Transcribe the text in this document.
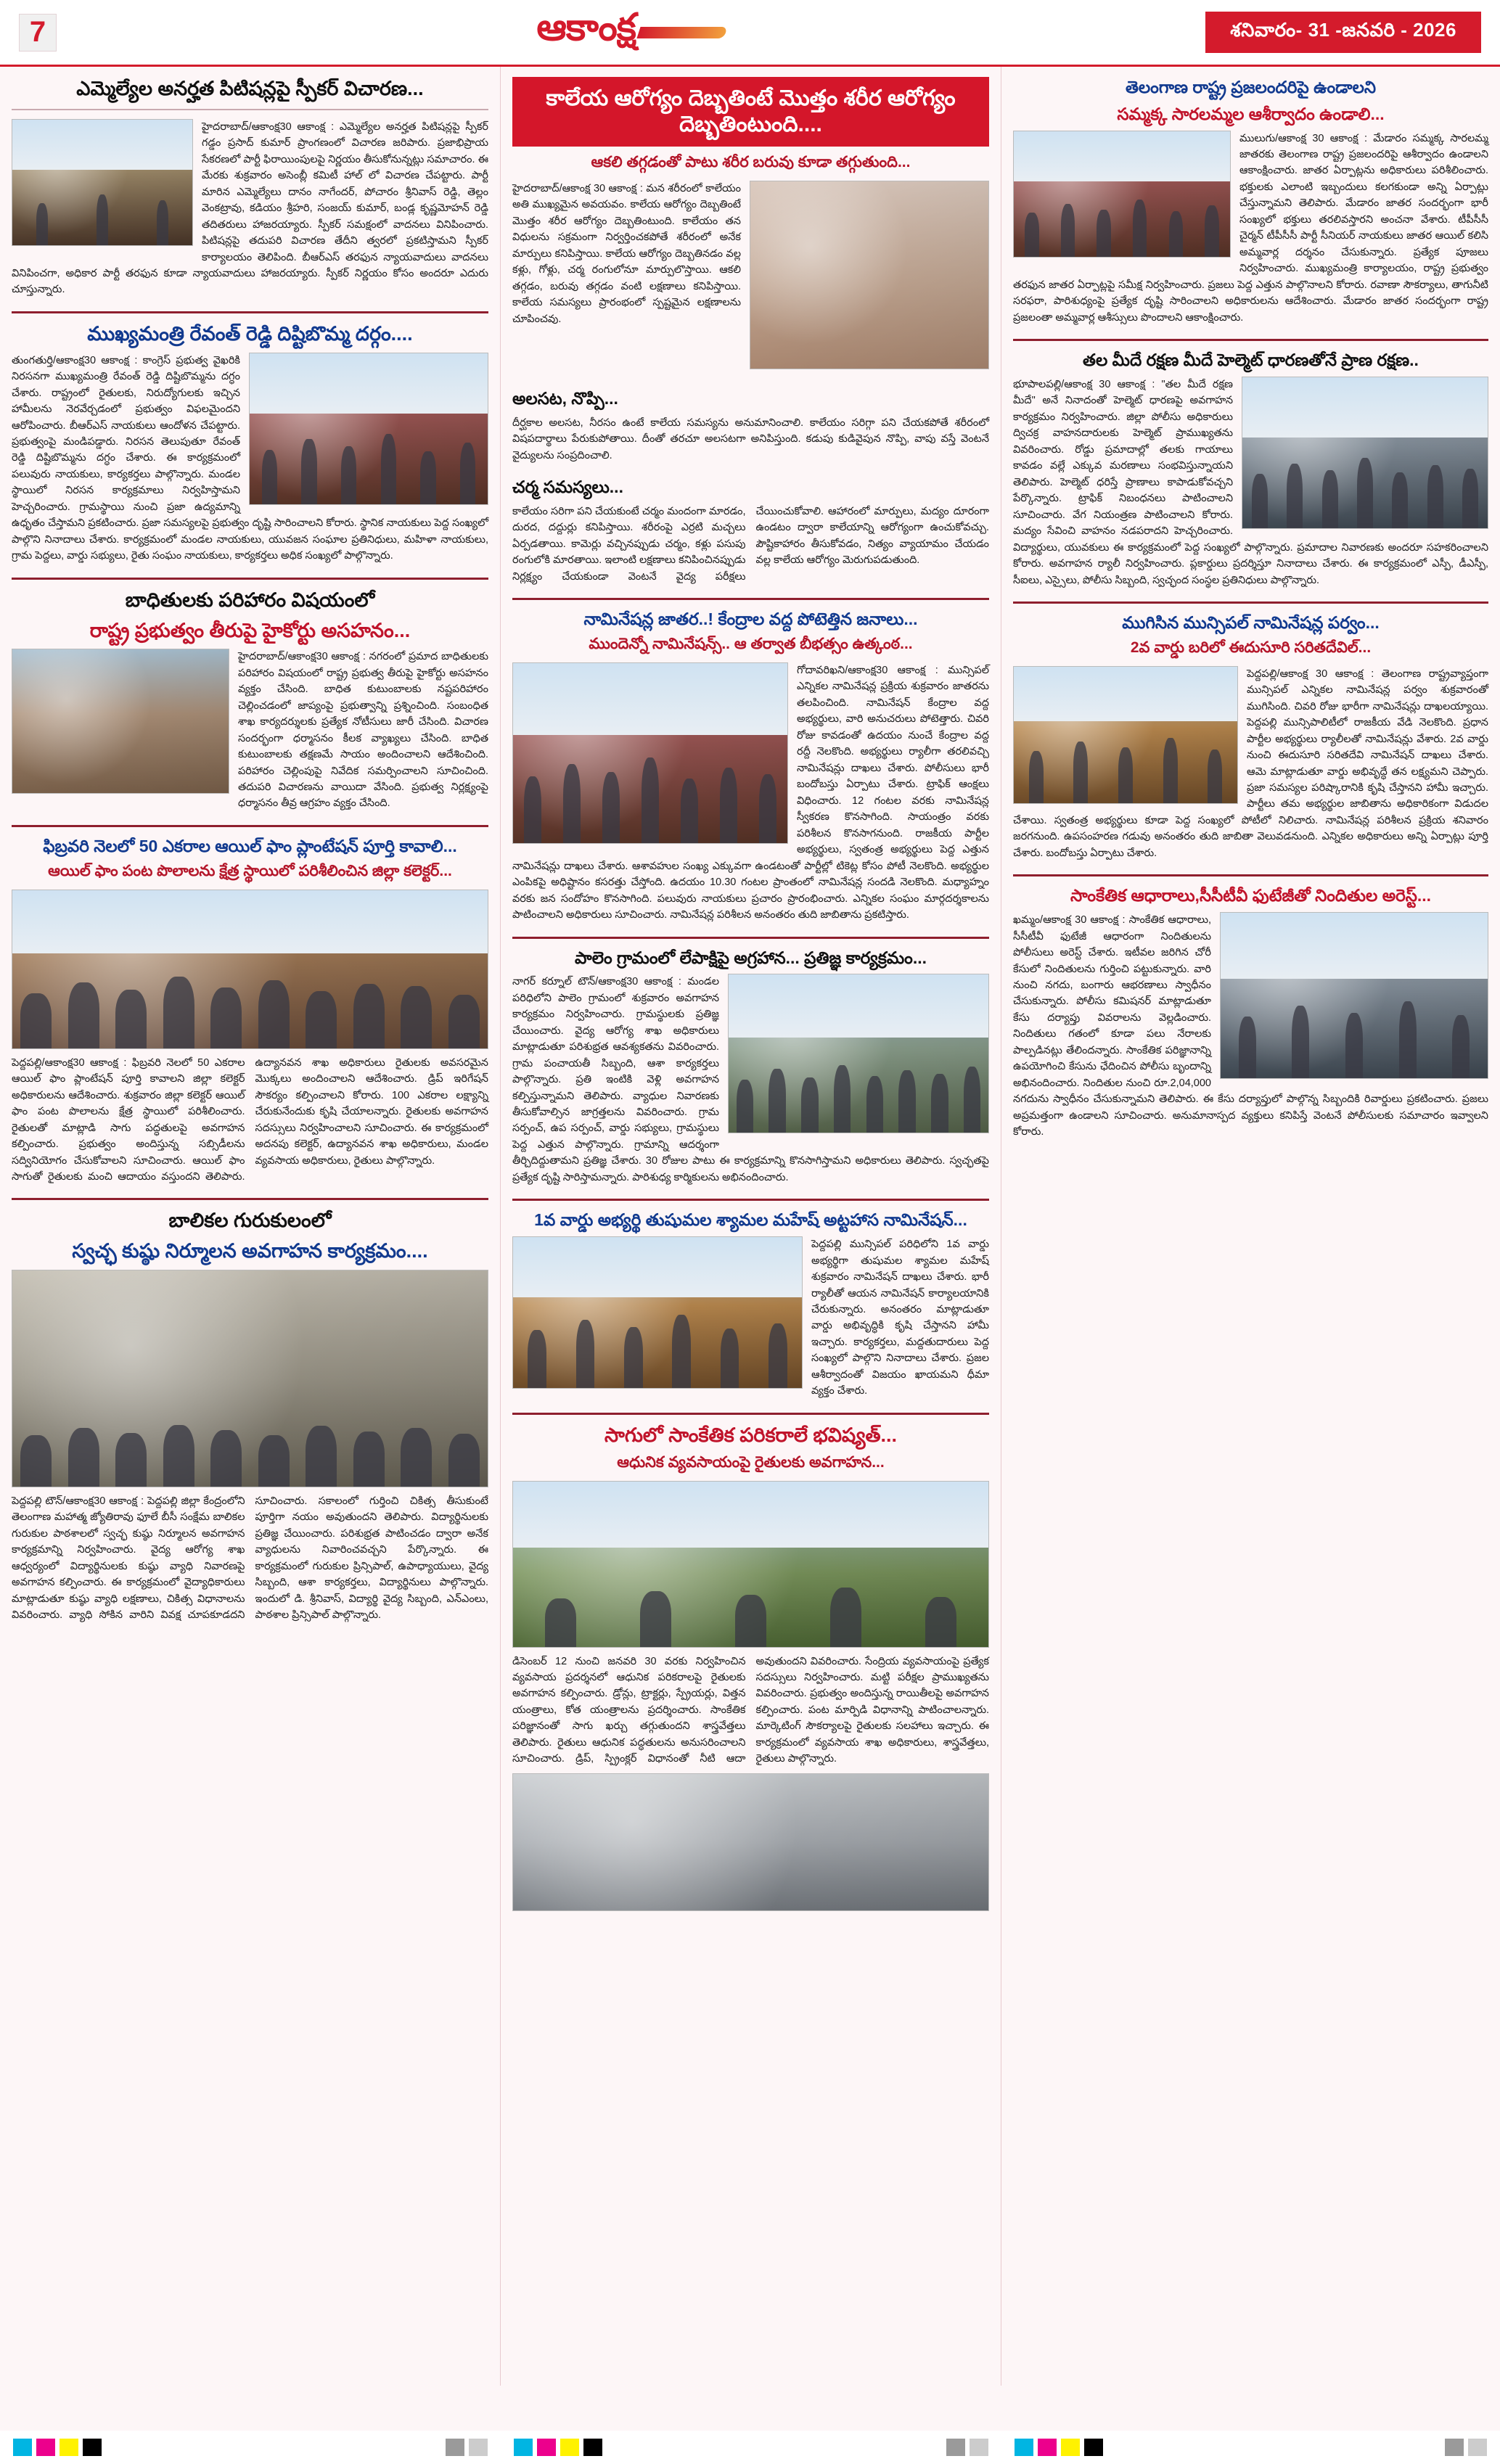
7	ఆకాంక్ష	శనివారం- 31 -జనవరి - 2026
ఎమ్మెల్యేల అనర్హత పిటిషన్లపై స్పీకర్ విచారణ...
హైదరాబాద్/ఆకాంక్ష30 ఆకాంక్ష : ఎమ్మెల్యేల అనర్హత పిటిషన్లపై స్పీకర్ గడ్డం ప్రసాద్ కుమార్ ప్రాంగణంలో విచారణ జరిపారు. ప్రజాభిప్రాయ సేకరణలో పార్టీ ఫిరాయింపులపై నిర్ణయం తీసుకోనున్నట్లు సమాచారం. ఈ మేరకు శుక్రవారం అసెంబ్లీ కమిటీ హాల్ లో విచారణ చేపట్టారు. పార్టీ మారిన ఎమ్మెల్యేలు దానం నాగేందర్, పోచారం శ్రీనివాస్ రెడ్డి, తెల్లం వెంకట్రావు, కడియం శ్రీహరి, సంజయ్ కుమార్, బండ్ల కృష్ణమోహన్ రెడ్డి తదితరులు హాజరయ్యారు. స్పీకర్ సమక్షంలో వాదనలు వినిపించారు. పిటిషన్లపై తదుపరి విచారణ తేదీని త్వరలో ప్రకటిస్తామని స్పీకర్ కార్యాలయం తెలిపింది. బీఆర్ఎస్ తరఫున న్యాయవాదులు వాదనలు వినిపించగా, అధికార పార్టీ తరఫున కూడా న్యాయవాదులు హాజరయ్యారు. స్పీకర్ నిర్ణయం కోసం అందరూ ఎదురు చూస్తున్నారు.
ముఖ్యమంత్రి రేవంత్ రెడ్డి దిష్టిబొమ్మ దర్గం....
తుంగతుర్తి/ఆకాంక్ష30 ఆకాంక్ష : కాంగ్రెస్ ప్రభుత్వ వైఖరికి నిరసనగా ముఖ్యమంత్రి రేవంత్ రెడ్డి దిష్టిబొమ్మను దగ్ధం చేశారు. రాష్ట్రంలో రైతులకు, నిరుద్యోగులకు ఇచ్చిన హామీలను నెరవేర్చడంలో ప్రభుత్వం విఫలమైందని ఆరోపించారు. బీఆర్ఎస్ నాయకులు ఆందోళన చేపట్టారు. ప్రభుత్వంపై మండిపడ్డారు. నిరసన తెలుపుతూ రేవంత్ రెడ్డి దిష్టిబొమ్మను దగ్ధం చేశారు. ఈ కార్యక్రమంలో పలువురు నాయకులు, కార్యకర్తలు పాల్గొన్నారు. మండల స్థాయిలో నిరసన కార్యక్రమాలు నిర్వహిస్తామని హెచ్చరించారు. గ్రామస్థాయి నుంచి ప్రజా ఉద్యమాన్ని ఉధృతం చేస్తామని ప్రకటించారు. ప్రజా సమస్యలపై ప్రభుత్వం దృష్టి సారించాలని కోరారు. స్థానిక నాయకులు పెద్ద సంఖ్యలో పాల్గొని నినాదాలు చేశారు. కార్యక్రమంలో మండల నాయకులు, యువజన సంఘాల ప్రతినిధులు, మహిళా నాయకులు, గ్రామ పెద్దలు, వార్డు సభ్యులు, రైతు సంఘం నాయకులు, కార్యకర్తలు అధిక సంఖ్యలో పాల్గొన్నారు.
బాధితులకు పరిహారం విషయంలో
రాష్ట్ర ప్రభుత్వం తీరుపై హైకోర్టు అసహనం...
హైదరాబాద్/ఆకాంక్ష30 ఆకాంక్ష : నగరంలో ప్రమాద బాధితులకు పరిహారం విషయంలో రాష్ట్ర ప్రభుత్వ తీరుపై హైకోర్టు అసహనం వ్యక్తం చేసింది. బాధిత కుటుంబాలకు నష్టపరిహారం చెల్లించడంలో జాప్యంపై ప్రభుత్వాన్ని ప్రశ్నించింది. సంబంధిత శాఖ కార్యదర్శులకు ప్రత్యేక నోటీసులు జారీ చేసింది. విచారణ సందర్భంగా ధర్మాసనం కీలక వ్యాఖ్యలు చేసింది. బాధిత కుటుంబాలకు తక్షణమే సాయం అందించాలని ఆదేశించింది. పరిహారం చెల్లింపుపై నివేదిక సమర్పించాలని సూచించింది. తదుపరి విచారణను వాయిదా వేసింది. ప్రభుత్వ నిర్లక్ష్యంపై ధర్మాసనం తీవ్ర ఆగ్రహం వ్యక్తం చేసింది.
ఫిబ్రవరి నెలలో 50 ఎకరాల ఆయిల్ ఫాం ప్లాంటేషన్ పూర్తి కావాలి...
ఆయిల్ ఫాం పంట పొలాలను క్షేత్ర స్థాయిలో పరిశీలించిన జిల్లా కలెక్టర్...
పెద్దపల్లి/ఆకాంక్ష30 ఆకాంక్ష : ఫిబ్రవరి నెలలో 50 ఎకరాల ఆయిల్ ఫాం ప్లాంటేషన్ పూర్తి కావాలని జిల్లా కలెక్టర్ అధికారులను ఆదేశించారు. శుక్రవారం జిల్లా కలెక్టర్ ఆయిల్ ఫాం పంట పొలాలను క్షేత్ర స్థాయిలో పరిశీలించారు. రైతులతో మాట్లాడి సాగు పద్ధతులపై అవగాహన కల్పించారు. ప్రభుత్వం అందిస్తున్న సబ్సిడీలను సద్వినియోగం చేసుకోవాలని సూచించారు. ఆయిల్ ఫాం సాగుతో రైతులకు మంచి ఆదాయం వస్తుందని తెలిపారు. ఉద్యానవన శాఖ అధికారులు రైతులకు అవసరమైన మొక్కలు అందించాలని ఆదేశించారు. డ్రిప్ ఇరిగేషన్ సౌకర్యం కల్పించాలని కోరారు. 100 ఎకరాల లక్ష్యాన్ని చేరుకునేందుకు కృషి చేయాలన్నారు. రైతులకు అవగాహన సదస్సులు నిర్వహించాలని సూచించారు. ఈ కార్యక్రమంలో అదనపు కలెక్టర్, ఉద్యానవన శాఖ అధికారులు, మండల వ్యవసాయ అధికారులు, రైతులు పాల్గొన్నారు.
బాలికల గురుకులంలో
స్వచ్ఛ కుష్ఠు నిర్మూలన అవగాహన కార్యక్రమం....
పెద్దపల్లి టౌన్/ఆకాంక్ష30 ఆకాంక్ష : పెద్దపల్లి జిల్లా కేంద్రంలోని తెలంగాణ మహాత్మ జ్యోతిరావు ఫూలే బీసీ సంక్షేమ బాలికల గురుకుల పాఠశాలలో స్వచ్ఛ కుష్ఠు నిర్మూలన అవగాహన కార్యక్రమాన్ని నిర్వహించారు. వైద్య ఆరోగ్య శాఖ ఆధ్వర్యంలో విద్యార్థినులకు కుష్ఠు వ్యాధి నివారణపై అవగాహన కల్పించారు. ఈ కార్యక్రమంలో వైద్యాధికారులు మాట్లాడుతూ కుష్ఠు వ్యాధి లక్షణాలు, చికిత్స విధానాలను వివరించారు. వ్యాధి సోకిన వారిని వివక్ష చూపకూడదని సూచించారు. సకాలంలో గుర్తించి చికిత్స తీసుకుంటే పూర్తిగా నయం అవుతుందని తెలిపారు. విద్యార్థినులకు ప్రతిజ్ఞ చేయించారు. పరిశుభ్రత పాటించడం ద్వారా అనేక వ్యాధులను నివారించవచ్చని పేర్కొన్నారు. ఈ కార్యక్రమంలో గురుకుల ప్రిన్సిపాల్, ఉపాధ్యాయులు, వైద్య సిబ్బంది, ఆశా కార్యకర్తలు, విద్యార్థినులు పాల్గొన్నారు. ఇందులో డి. శ్రీనివాస్, విద్యార్థి వైద్య సిబ్బంది, ఎన్ఎంలు, పాఠశాల ప్రిన్సిపాల్ పాల్గొన్నారు.
కాలేయ ఆరోగ్యం దెబ్బతింటే మొత్తం శరీర ఆరోగ్యం దెబ్బతింటుంది....
ఆకలి తగ్గడంతో పాటు శరీర బరువు కూడా తగ్గుతుంది...
హైదరాబాద్/ఆకాంక్ష 30 ఆకాంక్ష : మన శరీరంలో కాలేయం అతి ముఖ్యమైన అవయవం. కాలేయ ఆరోగ్యం దెబ్బతింటే మొత్తం శరీర ఆరోగ్యం దెబ్బతింటుంది. కాలేయం తన విధులను సక్రమంగా నిర్వర్తించకపోతే శరీరంలో అనేక మార్పులు కనిపిస్తాయి. కాలేయ ఆరోగ్యం దెబ్బతినడం వల్ల కళ్లు, గోళ్లు, చర్మ రంగులోనూ మార్పులొస్తాయి. ఆకలి తగ్గడం, బరువు తగ్గడం వంటి లక్షణాలు కనిపిస్తాయి. కాలేయ సమస్యలు ప్రారంభంలో స్పష్టమైన లక్షణాలను చూపించవు.
అలసట, నొప్పి...
దీర్ఘకాల అలసట, నీరసం ఉంటే కాలేయ సమస్యను అనుమానించాలి. కాలేయం సరిగ్గా పని చేయకపోతే శరీరంలో విషపదార్థాలు పేరుకుపోతాయి. దీంతో తరచూ అలసటగా అనిపిస్తుంది. కడుపు కుడివైపున నొప్పి, వాపు వస్తే వెంటనే వైద్యులను సంప్రదించాలి.
చర్మ సమస్యలు...
కాలేయం సరిగా పని చేయకుంటే చర్మం మందంగా మారడం, దురద, దద్దుర్లు కనిపిస్తాయి. శరీరంపై ఎర్రటి మచ్చలు ఏర్పడతాయి. కామెర్లు వచ్చినప్పుడు చర్మం, కళ్లు పసుపు రంగులోకి మారతాయి. ఇలాంటి లక్షణాలు కనిపించినప్పుడు నిర్లక్ష్యం చేయకుండా వెంటనే వైద్య పరీక్షలు చేయించుకోవాలి. ఆహారంలో మార్పులు, మద్యం దూరంగా ఉండటం ద్వారా కాలేయాన్ని ఆరోగ్యంగా ఉంచుకోవచ్చు. పౌష్టికాహారం తీసుకోవడం, నిత్యం వ్యాయామం చేయడం వల్ల కాలేయ ఆరోగ్యం మెరుగుపడుతుంది.
నామినేషన్ల జాతర..! కేంద్రాల వద్ద పోటెత్తిన జనాలు...
ముందెన్నో నామినేషన్స్.. ఆ తర్వాత బీభత్సం ఉత్కంఠ...
గోదావరిఖని/ఆకాంక్ష30 ఆకాంక్ష : మున్సిపల్ ఎన్నికల నామినేషన్ల ప్రక్రియ శుక్రవారం జాతరను తలపించింది. నామినేషన్ కేంద్రాల వద్ద అభ్యర్థులు, వారి అనుచరులు పోటెత్తారు. చివరి రోజు కావడంతో ఉదయం నుంచే కేంద్రాల వద్ద రద్దీ నెలకొంది. అభ్యర్థులు ర్యాలీగా తరలివచ్చి నామినేషన్లు దాఖలు చేశారు. పోలీసులు భారీ బందోబస్తు ఏర్పాటు చేశారు. ట్రాఫిక్ ఆంక్షలు విధించారు. 12 గంటల వరకు నామినేషన్ల స్వీకరణ కొనసాగింది. సాయంత్రం వరకు పరిశీలన కొనసాగనుంది. రాజకీయ పార్టీల అభ్యర్థులు, స్వతంత్ర అభ్యర్థులు పెద్ద ఎత్తున నామినేషన్లు దాఖలు చేశారు. ఆశావహుల సంఖ్య ఎక్కువగా ఉండటంతో పార్టీల్లో టికెట్ల కోసం పోటీ నెలకొంది. అభ్యర్థుల ఎంపికపై అధిష్టానం కసరత్తు చేస్తోంది. ఉదయం 10.30 గంటల ప్రాంతంలో నామినేషన్ల సందడి నెలకొంది. మధ్యాహ్నం వరకు జన సందోహం కొనసాగింది. పలువురు నాయకులు ప్రచారం ప్రారంభించారు. ఎన్నికల సంఘం మార్గదర్శకాలను పాటించాలని అధికారులు సూచించారు. నామినేషన్ల పరిశీలన అనంతరం తుది జాబితాను ప్రకటిస్తారు.
పాలెం గ్రామంలో లేపాక్షిపై అగ్రహాన... ప్రతిజ్ఞ కార్యక్రమం...
నాగర్ కర్నూల్ టౌన్/ఆకాంక్ష30 ఆకాంక్ష : మండల పరిధిలోని పాలెం గ్రామంలో శుక్రవారం అవగాహన కార్యక్రమం నిర్వహించారు. గ్రామస్థులకు ప్రతిజ్ఞ చేయించారు. వైద్య ఆరోగ్య శాఖ అధికారులు మాట్లాడుతూ పరిశుభ్రత ఆవశ్యకతను వివరించారు. గ్రామ పంచాయతీ సిబ్బంది, ఆశా కార్యకర్తలు పాల్గొన్నారు. ప్రతి ఇంటికి వెళ్లి అవగాహన కల్పిస్తున్నామని తెలిపారు. వ్యాధుల నివారణకు తీసుకోవాల్సిన జాగ్రత్తలను వివరించారు. గ్రామ సర్పంచ్, ఉప సర్పంచ్, వార్డు సభ్యులు, గ్రామస్థులు పెద్ద ఎత్తున పాల్గొన్నారు. గ్రామాన్ని ఆదర్శంగా తీర్చిదిద్దుతామని ప్రతిజ్ఞ చేశారు. 30 రోజుల పాటు ఈ కార్యక్రమాన్ని కొనసాగిస్తామని అధికారులు తెలిపారు. స్వచ్ఛతపై ప్రత్యేక దృష్టి సారిస్తామన్నారు. పారిశుధ్య కార్మికులను అభినందించారు.
1వ వార్డు అభ్యర్థి తుషుమల శ్యామల మహేష్ అట్టహాస నామినేషన్...
పెద్దపల్లి మున్సిపల్ పరిధిలోని 1వ వార్డు అభ్యర్థిగా తుషుమల శ్యామల మహేష్ శుక్రవారం నామినేషన్ దాఖలు చేశారు. భారీ ర్యాలీతో ఆయన నామినేషన్ కార్యాలయానికి చేరుకున్నారు. అనంతరం మాట్లాడుతూ వార్డు అభివృద్ధికి కృషి చేస్తానని హామీ ఇచ్చారు. కార్యకర్తలు, మద్దతుదారులు పెద్ద సంఖ్యలో పాల్గొని నినాదాలు చేశారు. ప్రజల ఆశీర్వాదంతో విజయం ఖాయమని ధీమా వ్యక్తం చేశారు.
సాగులో సాంకేతిక పరికరాలే భవిష్యత్...
ఆధునిక వ్యవసాయంపై రైతులకు అవగాహన...
డిసెంబర్ 12 నుంచి జనవరి 30 వరకు నిర్వహించిన వ్యవసాయ ప్రదర్శనలో ఆధునిక పరికరాలపై రైతులకు అవగాహన కల్పించారు. డ్రోన్లు, ట్రాక్టర్లు, స్ప్రేయర్లు, విత్తన యంత్రాలు, కోత యంత్రాలను ప్రదర్శించారు. సాంకేతిక పరిజ్ఞానంతో సాగు ఖర్చు తగ్గుతుందని శాస్త్రవేత్తలు తెలిపారు. రైతులు ఆధునిక పద్ధతులను అనుసరించాలని సూచించారు. డ్రిప్, స్ప్రింక్లర్ విధానంతో నీటి ఆదా అవుతుందని వివరించారు. సేంద్రియ వ్యవసాయంపై ప్రత్యేక సదస్సులు నిర్వహించారు. మట్టి పరీక్షల ప్రాముఖ్యతను వివరించారు. ప్రభుత్వం అందిస్తున్న రాయితీలపై అవగాహన కల్పించారు. పంట మార్పిడి విధానాన్ని పాటించాలన్నారు. మార్కెటింగ్ సౌకర్యాలపై రైతులకు సలహాలు ఇచ్చారు. ఈ కార్యక్రమంలో వ్యవసాయ శాఖ అధికారులు, శాస్త్రవేత్తలు, రైతులు పాల్గొన్నారు.
తెలంగాణ రాష్ట్ర ప్రజలందరిపై ఉండాలని
సమ్మక్క సారలమ్మల ఆశీర్వాదం ఉండాలి...
ములుగు/ఆకాంక్ష 30 ఆకాంక్ష : మేడారం సమ్మక్క సారలమ్మ జాతరకు తెలంగాణ రాష్ట్ర ప్రజలందరిపై ఆశీర్వాదం ఉండాలని ఆకాంక్షించారు. జాతర ఏర్పాట్లను అధికారులు పరిశీలించారు. భక్తులకు ఎలాంటి ఇబ్బందులు కలగకుండా అన్ని ఏర్పాట్లు చేస్తున్నామని తెలిపారు. మేడారం జాతర సందర్భంగా భారీ సంఖ్యలో భక్తులు తరలివస్తారని అంచనా వేశారు. టీపీసీసీ చైర్మన్ టీపీసీసీ పార్టీ సీనియర్ నాయకులు జాతర ఆయిల్ కలిసి అమ్మవార్ల దర్శనం చేసుకున్నారు. ప్రత్యేక పూజలు నిర్వహించారు. ముఖ్యమంత్రి కార్యాలయం, రాష్ట్ర ప్రభుత్వం తరఫున జాతర ఏర్పాట్లపై సమీక్ష నిర్వహించారు. ప్రజలు పెద్ద ఎత్తున పాల్గొనాలని కోరారు. రవాణా సౌకర్యాలు, తాగునీటి సరఫరా, పారిశుధ్యంపై ప్రత్యేక దృష్టి సారించాలని అధికారులను ఆదేశించారు. మేడారం జాతర సందర్భంగా రాష్ట్ర ప్రజలంతా అమ్మవార్ల ఆశీస్సులు పొందాలని ఆకాంక్షించారు.
తల మీదే రక్షణ మీదే హెల్మెట్ ధారణతోనే ప్రాణ రక్షణ..
భూపాలపల్లి/ఆకాంక్ష 30 ఆకాంక్ష : "తల మీదే రక్షణ మీదే" అనే నినాదంతో హెల్మెట్ ధారణపై అవగాహన కార్యక్రమం నిర్వహించారు. జిల్లా పోలీసు అధికారులు ద్విచక్ర వాహనదారులకు హెల్మెట్ ప్రాముఖ్యతను వివరించారు. రోడ్డు ప్రమాదాల్లో తలకు గాయాలు కావడం వల్లే ఎక్కువ మరణాలు సంభవిస్తున్నాయని తెలిపారు. హెల్మెట్ ధరిస్తే ప్రాణాలు కాపాడుకోవచ్చని పేర్కొన్నారు. ట్రాఫిక్ నిబంధనలు పాటించాలని సూచించారు. వేగ నియంత్రణ పాటించాలని కోరారు. మద్యం సేవించి వాహనం నడపరాదని హెచ్చరించారు. విద్యార్థులు, యువకులు ఈ కార్యక్రమంలో పెద్ద సంఖ్యలో పాల్గొన్నారు. ప్రమాదాల నివారణకు అందరూ సహకరించాలని కోరారు. అవగాహన ర్యాలీ నిర్వహించారు. ప్లకార్డులు ప్రదర్శిస్తూ నినాదాలు చేశారు. ఈ కార్యక్రమంలో ఎస్పీ, డీఎస్పీ, సీఐలు, ఎస్సైలు, పోలీసు సిబ్బంది, స్వచ్ఛంద సంస్థల ప్రతినిధులు పాల్గొన్నారు.
ముగిసిన మున్సిపల్ నామినేషన్ల పర్వం...
2వ వార్డు బరిలో ఈదుసూరి సరితదేవిల్...
పెద్దపల్లి/ఆకాంక్ష 30 ఆకాంక్ష : తెలంగాణ రాష్ట్రవ్యాప్తంగా మున్సిపల్ ఎన్నికల నామినేషన్ల పర్వం శుక్రవారంతో ముగిసింది. చివరి రోజు భారీగా నామినేషన్లు దాఖలయ్యాయి. పెద్దపల్లి మున్సిపాలిటీలో రాజకీయ వేడి నెలకొంది. ప్రధాన పార్టీల అభ్యర్థులు ర్యాలీలతో నామినేషన్లు వేశారు. 2వ వార్డు నుంచి ఈదుసూరి సరితదేవి నామినేషన్ దాఖలు చేశారు. ఆమె మాట్లాడుతూ వార్డు అభివృద్ధే తన లక్ష్యమని చెప్పారు. ప్రజా సమస్యల పరిష్కారానికి కృషి చేస్తానని హామీ ఇచ్చారు. పార్టీలు తమ అభ్యర్థుల జాబితాను అధికారికంగా విడుదల చేశాయి. స్వతంత్ర అభ్యర్థులు కూడా పెద్ద సంఖ్యలో పోటీలో నిలిచారు. నామినేషన్ల పరిశీలన ప్రక్రియ శనివారం జరగనుంది. ఉపసంహరణ గడువు అనంతరం తుది జాబితా వెలువడనుంది. ఎన్నికల అధికారులు అన్ని ఏర్పాట్లు పూర్తి చేశారు. బందోబస్తు ఏర్పాటు చేశారు.
సాంకేతిక ఆధారాలు,సీసీటీవీ ఫుటేజీతో నిందితుల అరెస్ట్...
ఖమ్మం/ఆకాంక్ష 30 ఆకాంక్ష : సాంకేతిక ఆధారాలు, సీసీటీవీ ఫుటేజీ ఆధారంగా నిందితులను పోలీసులు అరెస్ట్ చేశారు. ఇటీవల జరిగిన చోరీ కేసులో నిందితులను గుర్తించి పట్టుకున్నారు. వారి నుంచి నగదు, బంగారు ఆభరణాలు స్వాధీనం చేసుకున్నారు. పోలీసు కమిషనర్ మాట్లాడుతూ కేసు దర్యాప్తు వివరాలను వెల్లడించారు. నిందితులు గతంలో కూడా పలు నేరాలకు పాల్పడినట్లు తేలిందన్నారు. సాంకేతిక పరిజ్ఞానాన్ని ఉపయోగించి కేసును ఛేదించిన పోలీసు బృందాన్ని అభినందించారు. నిందితుల నుంచి రూ.2,04,000 నగదును స్వాధీనం చేసుకున్నామని తెలిపారు. ఈ కేసు దర్యాప్తులో పాల్గొన్న సిబ్బందికి రివార్డులు ప్రకటించారు. ప్రజలు అప్రమత్తంగా ఉండాలని సూచించారు. అనుమానాస్పద వ్యక్తులు కనిపిస్తే వెంటనే పోలీసులకు సమాచారం ఇవ్వాలని కోరారు.
